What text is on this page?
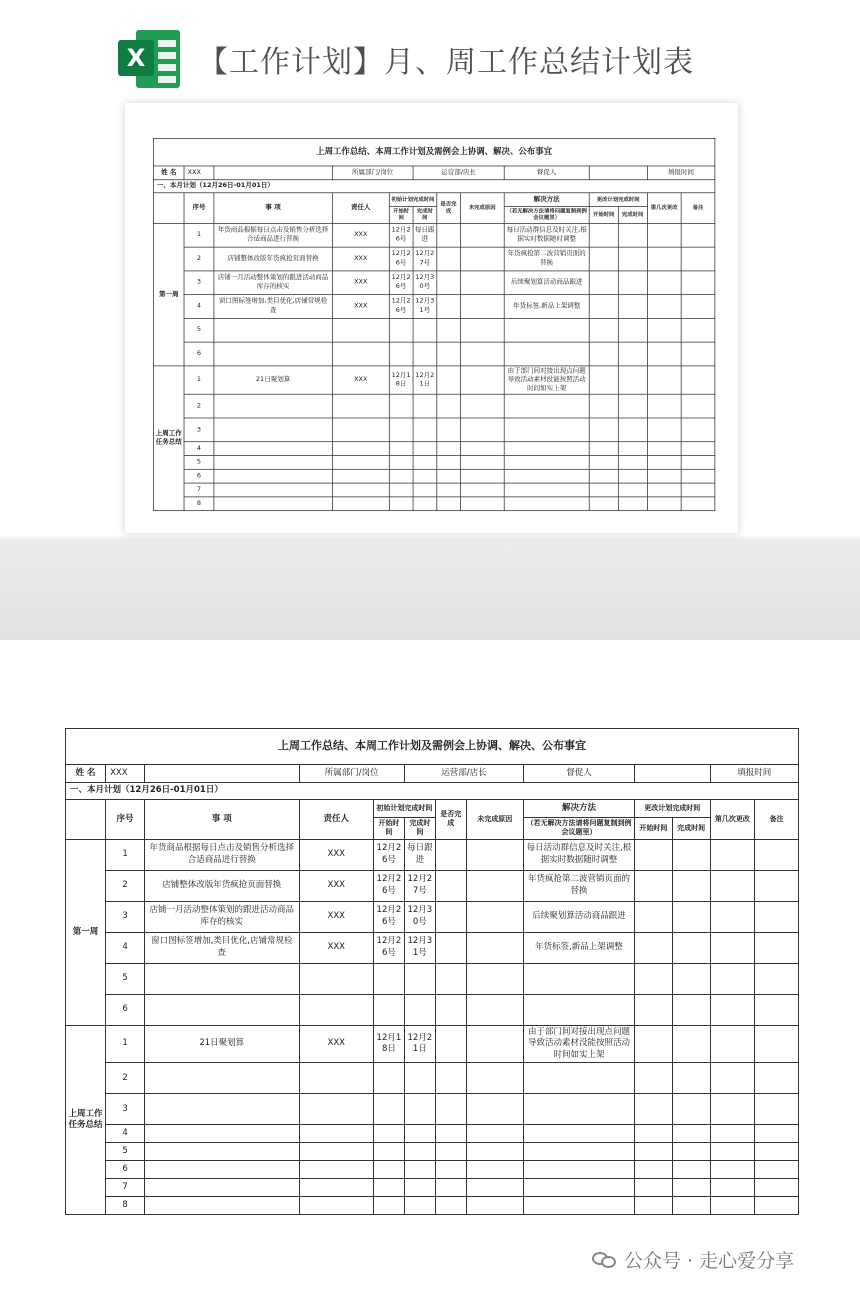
X 【工作计划】月、周工作总结计划表
上周工作总结、本周工作计划及需例会上协调、解决、公布事宜												
姓 名	XXX		所属部门/岗位		运营部/店长			督促人			填报时间	
一、本月计划（12月26日-01月01日）												
	序号	事 项	责任人	初始计划完成时间		是否完成	未完成原因	解决方法	更改计划完成时间		第几次更改	备注
				开始时间	完成时间			（若无解决方法请将问题复制到例会议题里）	开始时间	完成时间		
第一周	1	年货商品根据每日点击及销售分析选择合适商品进行替换	XXX	12月26号	每日跟进			每日活动群信息及时关注,根据实时数据随时调整				
	2	店铺整体改版年货疯抢页面替换	XXX	12月26号	12月27号			年货疯抢第二波营销页面的替换				
	3	店铺一月活动整体策划的跟进活动商品库存的核实	XXX	12月26号	12月30号			后续聚划算活动商品跟进				
	4	窗口图标签增加,类目优化,店铺常规检查	XXX	12月26号	12月31号			年货标签,新品上架调整				
	5											
	6											
上周工作任务总结	1	21日聚划算	XXX	12月18日	12月21日			由于部门间对接出现点问题导致活动素材没能按照活动时间如实上架				
	2											
	3											
	4											
	5											
	6											
	7											
	8											
上周工作总结、本周工作计划及需例会上协调、解决、公布事宜												
姓 名	XXX		所属部门/岗位		运营部/店长			督促人			填报时间	
一、本月计划（12月26日-01月01日）												
	序号	事 项	责任人	初始计划完成时间		是否完成	未完成原因	解决方法	更改计划完成时间		第几次更改	备注
				开始时间	完成时间			（若无解决方法请将问题复制到例会议题里）	开始时间	完成时间		
第一周	1	年货商品根据每日点击及销售分析选择合适商品进行替换	XXX	12月26号	每日跟进			每日活动群信息及时关注,根据实时数据随时调整				
	2	店铺整体改版年货疯抢页面替换	XXX	12月26号	12月27号			年货疯抢第二波营销页面的替换				
	3	店铺一月活动整体策划的跟进活动商品库存的核实	XXX	12月26号	12月30号			后续聚划算活动商品跟进				
	4	窗口图标签增加,类目优化,店铺常规检查	XXX	12月26号	12月31号			年货标签,新品上架调整				
	5											
	6											
上周工作任务总结	1	21日聚划算	XXX	12月18日	12月21日			由于部门间对接出现点问题导致活动素材没能按照活动时间如实上架				
	2											
	3											
	4											
	5											
	6											
	7											
	8											
公众号 · 走心爱分享
